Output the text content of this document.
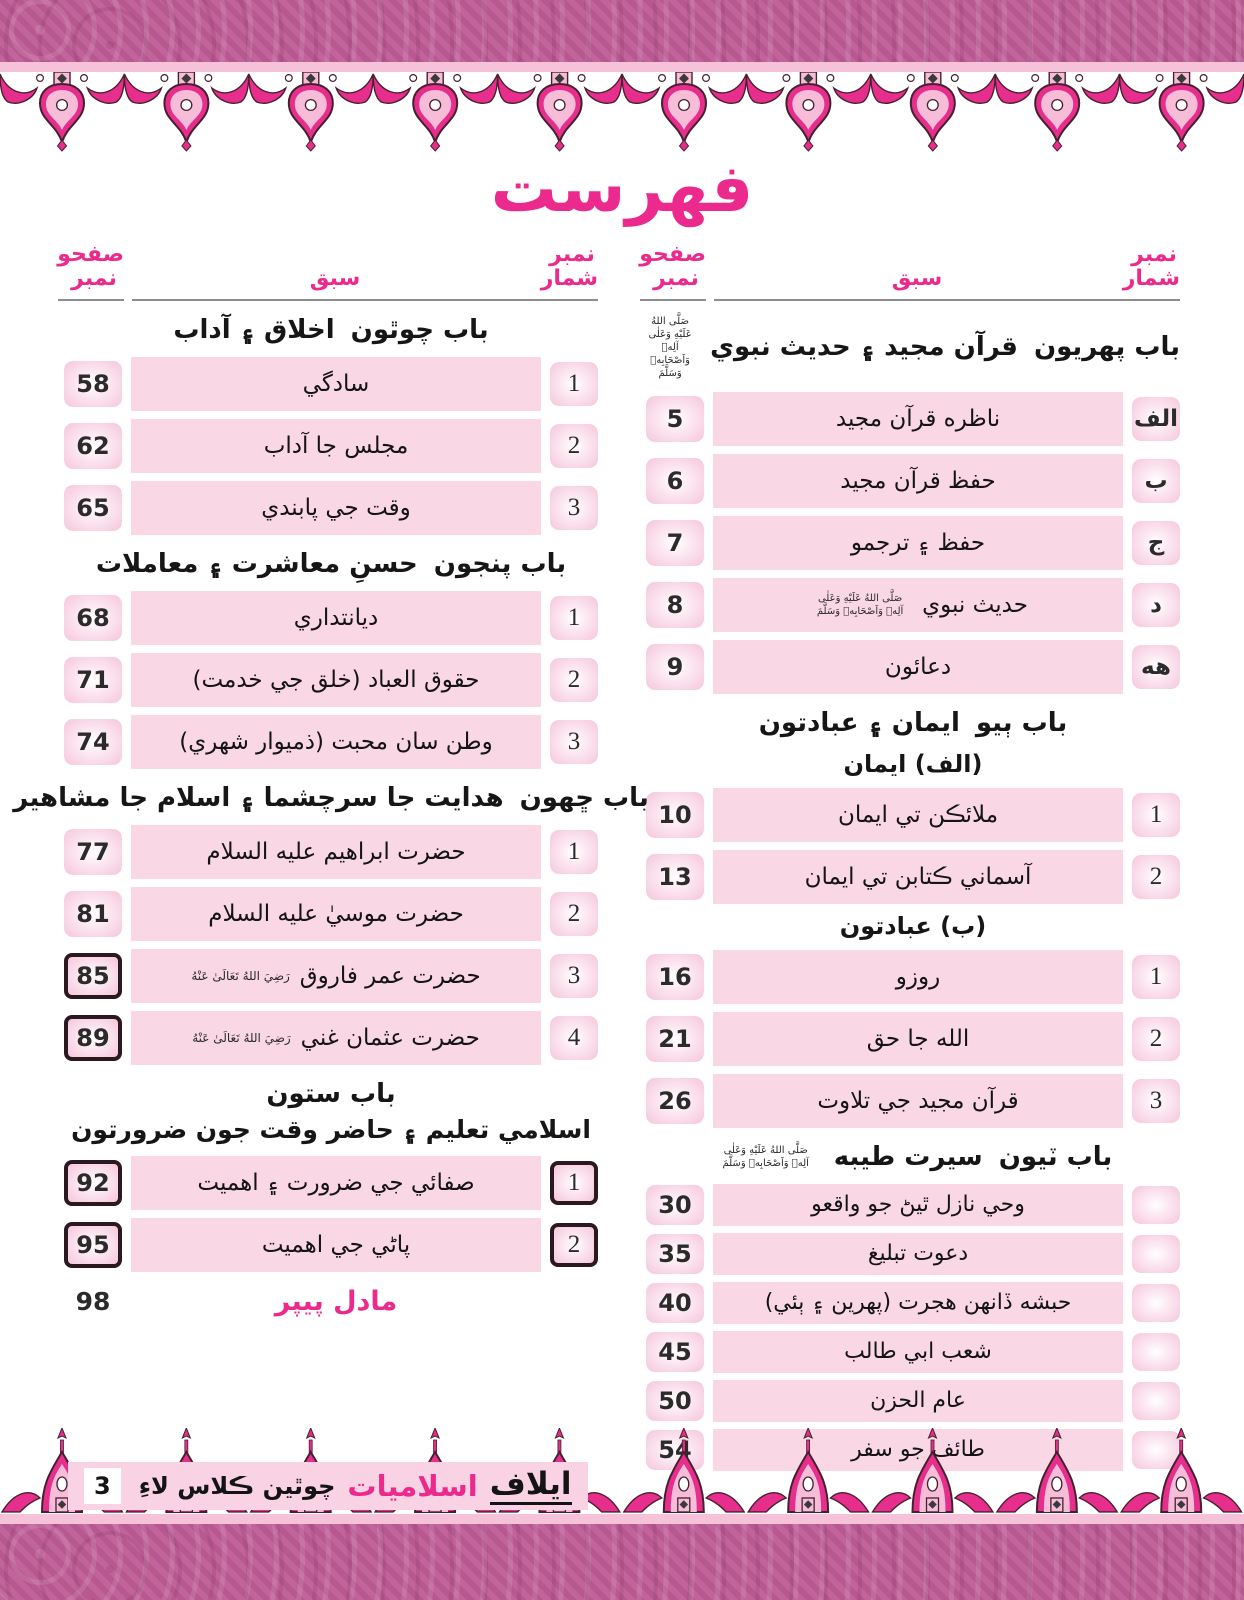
فهرست
نمبر شمار
سبق
صفحو نمبر
باب پهريون
قرآن مجيد ۽ حديث نبوي
صَلَّى اللهُ عَلَيْهِ وَعَلٰى آلِهٖ وَاَصْحَابِهٖ وَسَلَّمَ
الف
ناظره قرآن مجيد
5
ب
حفظ قرآن مجيد
6
ج
حفظ ۽ ترجمو
7
د
حديث نبوي
صَلَّى اللهُ عَلَيْهِ وَعَلٰى آلِهٖ وَاَصْحَابِهٖ وَسَلَّمَ
8
هه
دعائون
9
باب ٻيو
ايمان ۽ عبادتون
(الف) ايمان
1
ملائڪن تي ايمان
10
2
آسماني ڪتابن تي ايمان
13
(ب) عبادتون
1
روزو
16
2
الله جا حق
21
3
قرآن مجيد جي تلاوت
26
باب ٽيون
سيرت طيبه
صَلَّى اللهُ عَلَيْهِ وَعَلٰى آلِهٖ وَاَصْحَابِهٖ وَسَلَّمَ
وحي نازل ٿيڻ جو واقعو
30
دعوت تبليغ
35
حبشه ڏانهن هجرت (پهرين ۽ ٻئي)
40
شعب ابي طالب
45
عام الحزن
50
طائف جو سفر
54
نمبر شمار
سبق
صفحو نمبر
باب چوٿون
اخلاق ۽ آداب
1
سادگي
58
2
مجلس جا آداب
62
3
وقت جي پابندي
65
باب پنجون
حسنِ معاشرت ۽ معاملات
1
ديانتداري
68
2
حقوق العباد (خلق جي خدمت)
71
3
وطن سان محبت (ذميوار شهري)
74
باب ڇهون
هدايت جا سرچشما ۽ اسلام جا مشاهير
1
حضرت ابراهيم عليه السلام
77
2
حضرت موسيٰ عليه السلام
81
3
حضرت عمر فاروق
رَضِيَ اللهُ تَعَالَىٰ عَنْهُ
85
4
حضرت عثمان غني
رَضِيَ اللهُ تَعَالَىٰ عَنْهُ
89
باب ستون
اسلامي تعليم ۽ حاضر وقت جون ضرورتون
1
صفائي جي ضرورت ۽ اهميت
92
2
پاڻي جي اهميت
95
مادل پيپر
98
ايلاف
اسلاميات
چوٿين ڪلاس لاءِ
3
